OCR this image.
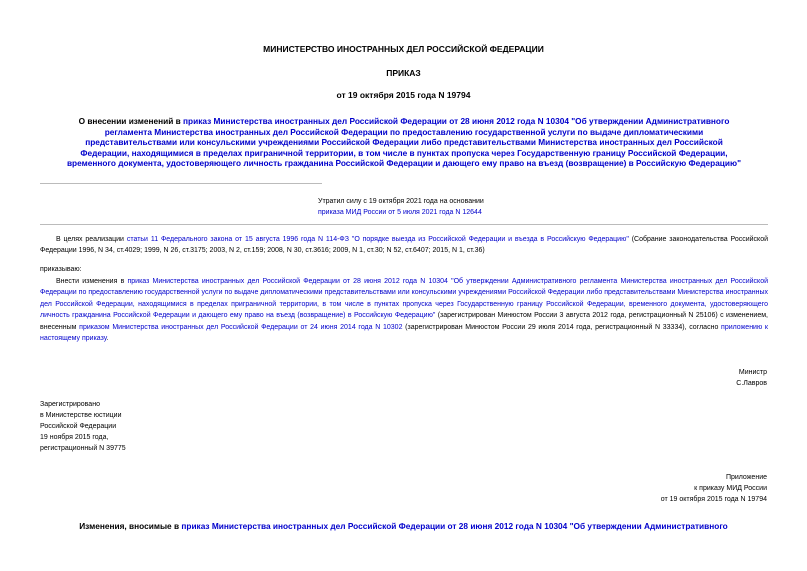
МИНИСТЕРСТВО ИНОСТРАННЫХ ДЕЛ РОССИЙСКОЙ ФЕДЕРАЦИИ
ПРИКАЗ
от 19 октября 2015 года N 19794
О внесении изменений в приказ Министерства иностранных дел Российской Федерации от 28 июня 2012 года N 10304 "Об утверждении Административного регламента Министерства иностранных дел Российской Федерации по предоставлению государственной услуги по выдаче дипломатическими представительствами или консульскими учреждениями Российской Федерации либо представительствами Министерства иностранных дел Российской Федерации, находящимися в пределах приграничной территории, в том числе в пунктах пропуска через Государственную границу Российской Федерации, временного документа, удостоверяющего личность гражданина Российской Федерации и дающего ему право на въезд (возвращение) в Российскую Федерацию"
Утратил силу с 19 октября 2021 года на основании
приказа МИД России от 5 июля 2021 года N 12644
В целях реализации статьи 11 Федерального закона от 15 августа 1996 года N 114-ФЗ "О порядке выезда из Российской Федерации и въезда в Российскую Федерацию" (Собрание законодательства Российской Федерации 1996, N 34, ст.4029; 1999, N 26, ст.3175; 2003, N 2, ст.159; 2008, N 30, ст.3616; 2009, N 1, ст.30; N 52, ст.6407; 2015, N 1, ст.36)
приказываю:
Внести изменения в приказ Министерства иностранных дел Российской Федерации от 28 июня 2012 года N 10304 "Об утверждении Административного регламента Министерства иностранных дел Российской Федерации по предоставлению государственной услуги по выдаче дипломатическими представительствами или консульскими учреждениями Российской Федерации либо представительствами Министерства иностранных дел Российской Федерации, находящимися в пределах приграничной территории, в том числе в пунктах пропуска через Государственную границу Российской Федерации, временного документа, удостоверяющего личность гражданина Российской Федерации и дающего ему право на въезд (возвращение) в Российскую Федерацию" (зарегистрирован Минюстом России 3 августа 2012 года, регистрационный N 25106) с изменением, внесенным приказом Министерства иностранных дел Российской Федерации от 24 июня 2014 года N 10302 (зарегистрирован Минюстом России 29 июля 2014 года, регистрационный N 33334), согласно приложению к настоящему приказу.
Министр
С.Лавров
Зарегистрировано
в Министерстве юстиции
Российской Федерации
19 ноября 2015 года,
регистрационный N 39775
Приложение
к приказу МИД России
от 19 октября 2015 года N 19794
Изменения, вносимые в приказ Министерства иностранных дел Российской Федерации от 28 июня 2012 года N 10304 "Об утверждении Административного
